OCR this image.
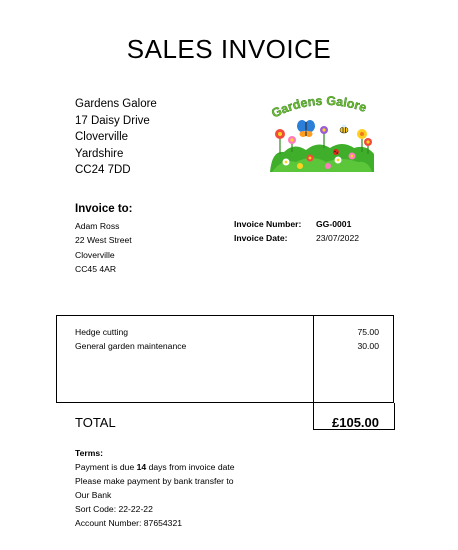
SALES INVOICE
Gardens Galore
17 Daisy Drive
Cloverville
Yardshire
CC24 7DD
Gardens Galore
Invoice to:
Adam Ross
22 West Street
Cloverville
CC45 4AR
Invoice Number: GG-0001
Invoice Date:	23/07/2022
Hedge cutting	75.00
General garden maintenance	30.00
TOTAL	£105.00
Terms:
Payment is due 14 days from invoice date
Please make payment by bank transfer to
Our Bank
Sort Code: 22-22-22
Account Number: 87654321
